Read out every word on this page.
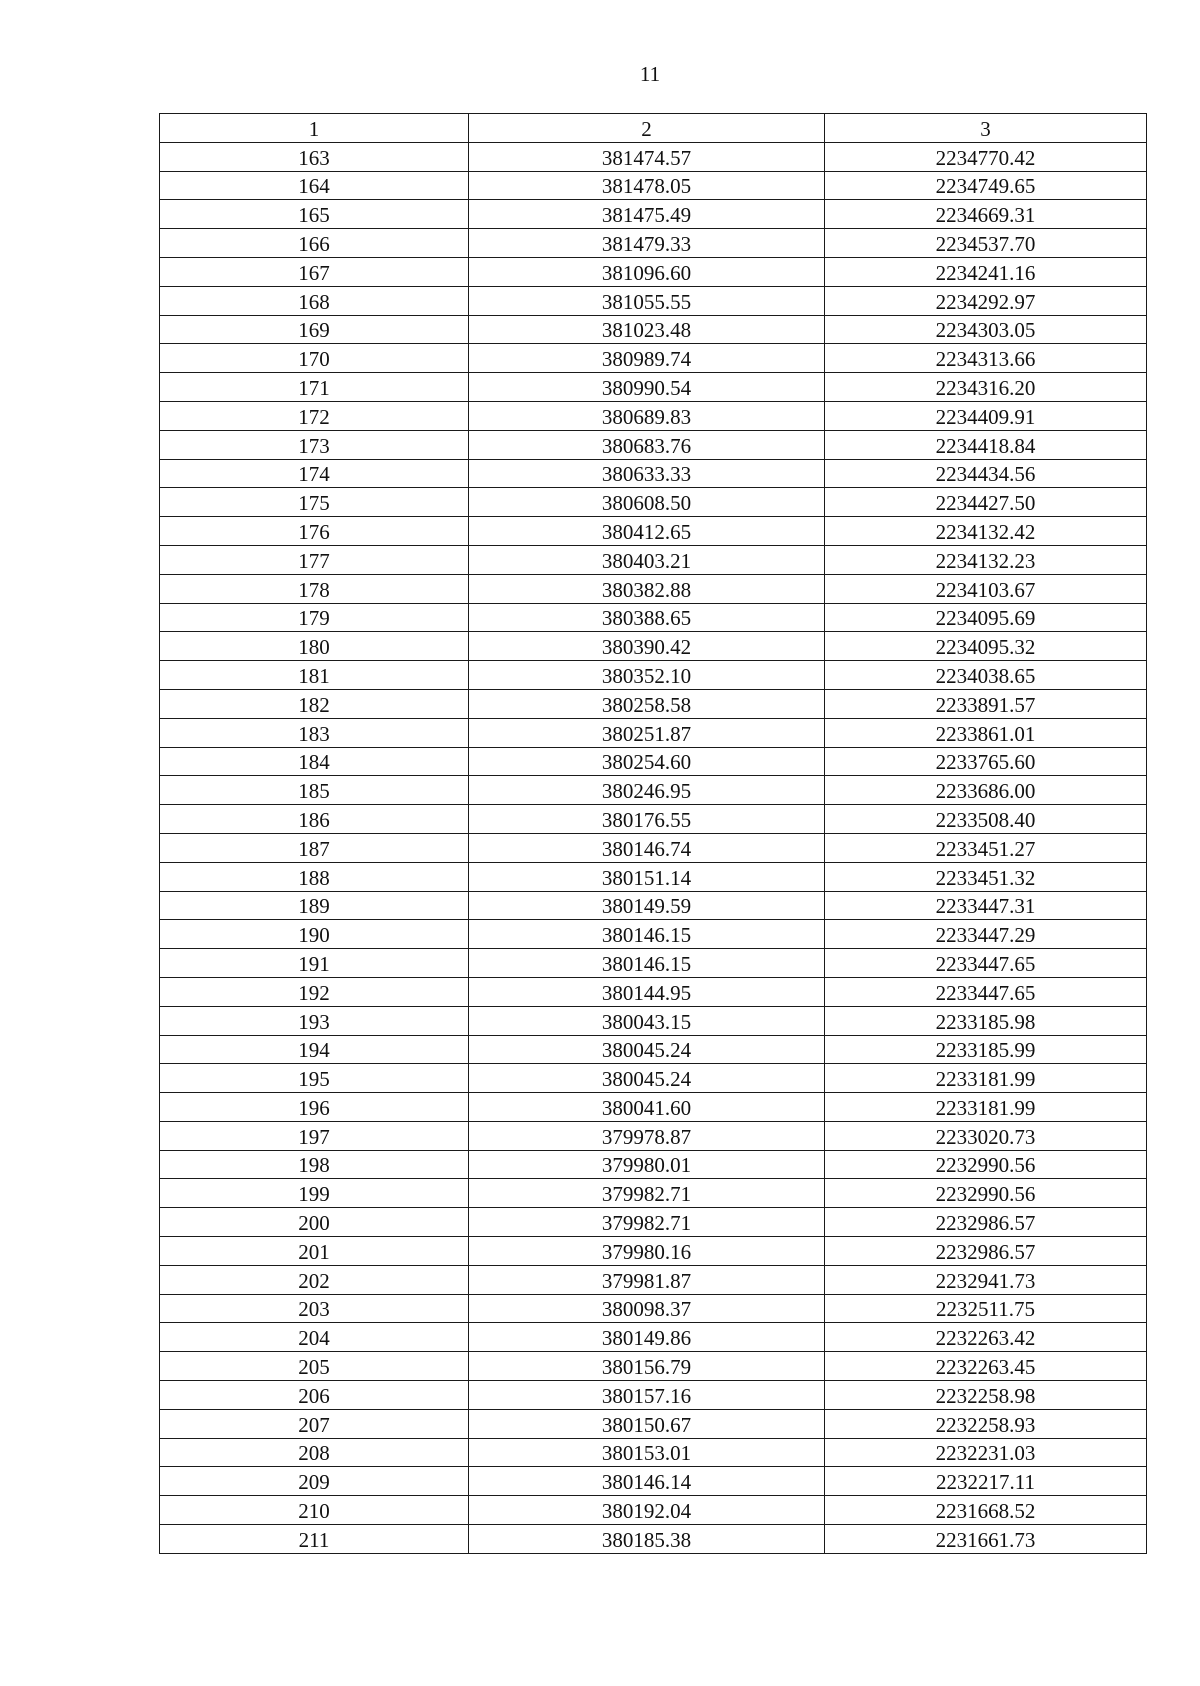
11
1	2	3
163	381474.57	2234770.42
164	381478.05	2234749.65
165	381475.49	2234669.31
166	381479.33	2234537.70
167	381096.60	2234241.16
168	381055.55	2234292.97
169	381023.48	2234303.05
170	380989.74	2234313.66
171	380990.54	2234316.20
172	380689.83	2234409.91
173	380683.76	2234418.84
174	380633.33	2234434.56
175	380608.50	2234427.50
176	380412.65	2234132.42
177	380403.21	2234132.23
178	380382.88	2234103.67
179	380388.65	2234095.69
180	380390.42	2234095.32
181	380352.10	2234038.65
182	380258.58	2233891.57
183	380251.87	2233861.01
184	380254.60	2233765.60
185	380246.95	2233686.00
186	380176.55	2233508.40
187	380146.74	2233451.27
188	380151.14	2233451.32
189	380149.59	2233447.31
190	380146.15	2233447.29
191	380146.15	2233447.65
192	380144.95	2233447.65
193	380043.15	2233185.98
194	380045.24	2233185.99
195	380045.24	2233181.99
196	380041.60	2233181.99
197	379978.87	2233020.73
198	379980.01	2232990.56
199	379982.71	2232990.56
200	379982.71	2232986.57
201	379980.16	2232986.57
202	379981.87	2232941.73
203	380098.37	2232511.75
204	380149.86	2232263.42
205	380156.79	2232263.45
206	380157.16	2232258.98
207	380150.67	2232258.93
208	380153.01	2232231.03
209	380146.14	2232217.11
210	380192.04	2231668.52
211	380185.38	2231661.73
